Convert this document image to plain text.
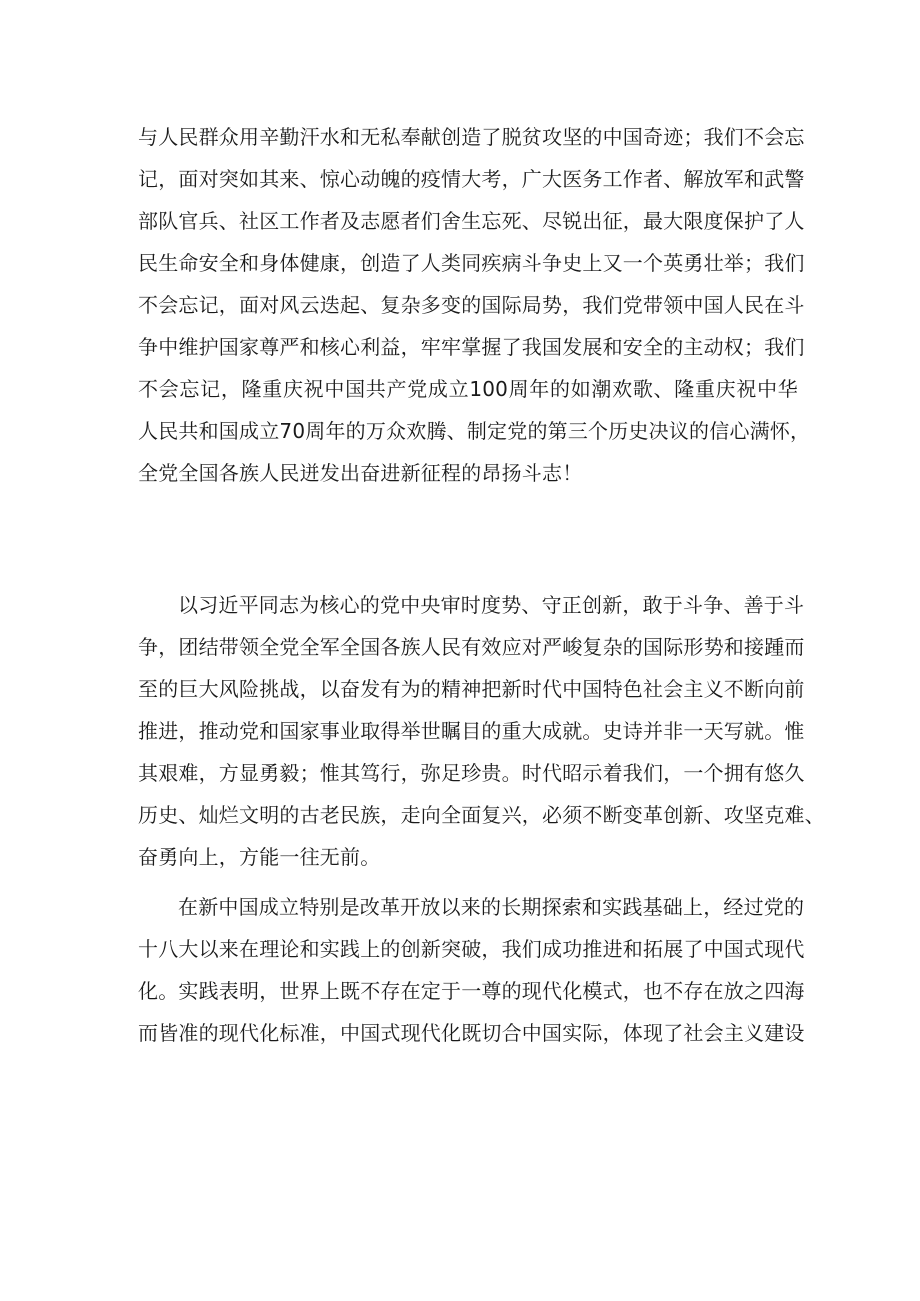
与人民群众用辛勤汗水和无私奉献创造了脱贫攻坚的中国奇迹；我们不会忘
记，面对突如其来、惊心动魄的疫情大考，广大医务工作者、解放军和武警
部队官兵、社区工作者及志愿者们舍生忘死、尽锐出征，最大限度保护了人
民生命安全和身体健康，创造了人类同疾病斗争史上又一个英勇壮举；我们
不会忘记，面对风云迭起、复杂多变的国际局势，我们党带领中国人民在斗
争中维护国家尊严和核心利益，牢牢掌握了我国发展和安全的主动权；我们
不会忘记，隆重庆祝中国共产党成立100周年的如潮欢歌、隆重庆祝中华
人民共和国成立70周年的万众欢腾、制定党的第三个历史决议的信心满怀，
全党全国各族人民迸发出奋进新征程的昂扬斗志！
以习近平同志为核心的党中央审时度势、守正创新，敢于斗争、善于斗
争，团结带领全党全军全国各族人民有效应对严峻复杂的国际形势和接踵而
至的巨大风险挑战，以奋发有为的精神把新时代中国特色社会主义不断向前
推进，推动党和国家事业取得举世瞩目的重大成就。史诗并非一天写就。惟
其艰难，方显勇毅；惟其笃行，弥足珍贵。时代昭示着我们，一个拥有悠久
历史、灿烂文明的古老民族，走向全面复兴，必须不断变革创新、攻坚克难、
奋勇向上，方能一往无前。
在新中国成立特别是改革开放以来的长期探索和实践基础上，经过党的
十八大以来在理论和实践上的创新突破，我们成功推进和拓展了中国式现代
化。实践表明，世界上既不存在定于一尊的现代化模式，也不存在放之四海
而皆准的现代化标准，中国式现代化既切合中国实际，体现了社会主义建设
